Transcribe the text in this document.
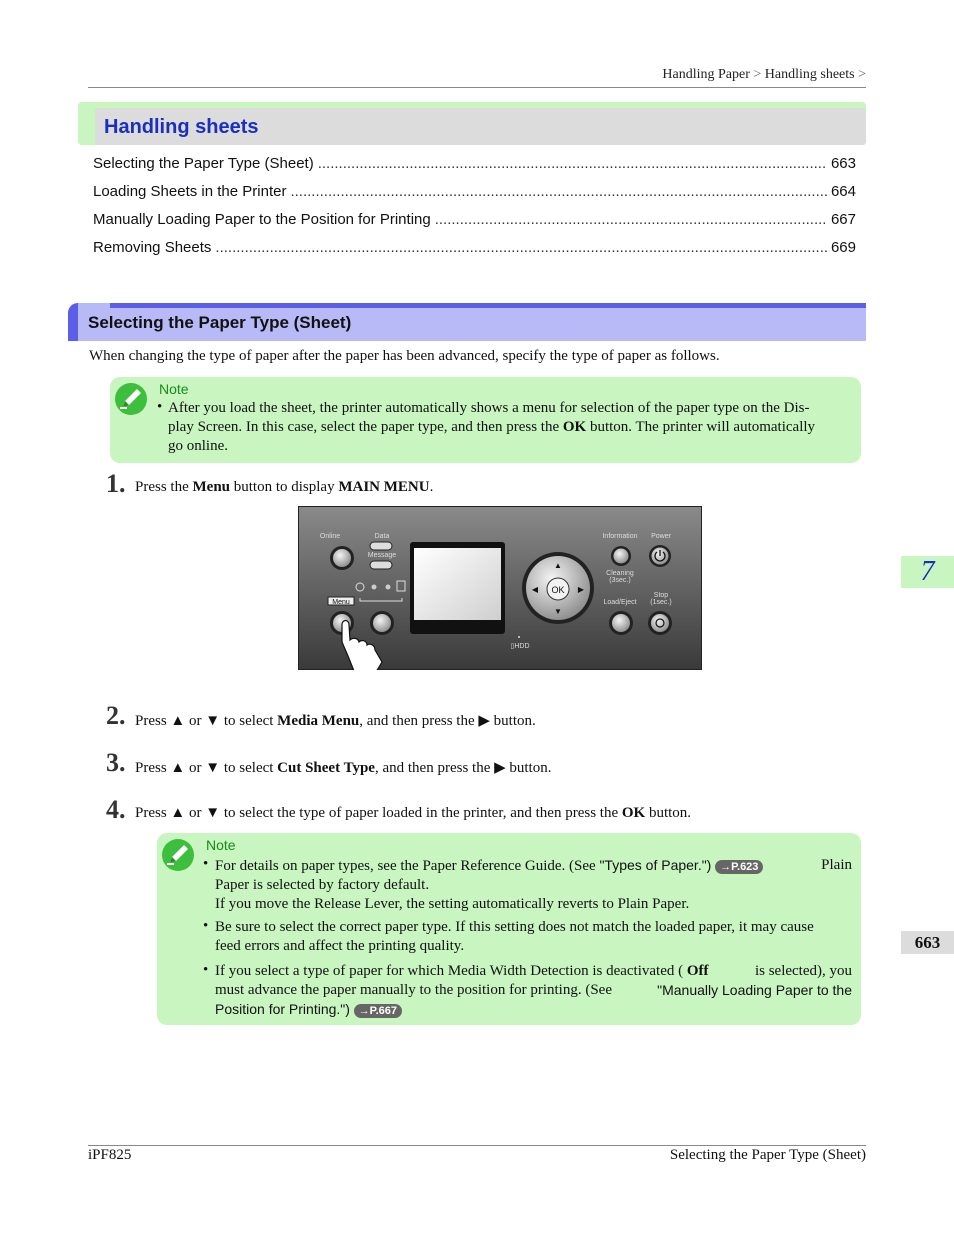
Handling Paper > Handling sheets >
Handling sheets
Selecting the Paper Type (Sheet) .....	663
Loading Sheets in the Printer .....	664
Manually Loading Paper to the Position for Printing .....	667
Removing Sheets .....	669
Selecting the Paper Type (Sheet)
When changing the type of paper after the paper has been advanced, specify the type of paper as follows.
Note
• After you load the sheet, the printer automatically shows a menu for selection of the paper type on the Dis-
play Screen. In this case, select the paper type, and then press the OK button. The printer will automatically
go online.
1. Press the Menu button to display MAIN MENU.
Online	Data
Message
Menu
▲
▼
◀	▶
OK
Information Power
Cleaning
(3sec.)
Load/Eject
Stop
(1sec.)
▯HDD
2. Press ▲ or ▼ to select Media Menu, and then press the ▶ button.
3. Press ▲ or ▼ to select Cut Sheet Type, and then press the ▶ button.
4. Press ▲ or ▼ to select the type of paper loaded in the printer, and then press the OK button.
Note
• For details on paper types, see the Paper Reference Guide. (See "Types of Paper.") →P.623	Plain
Paper is selected by factory default.
If you move the Release Lever, the setting automatically reverts to Plain Paper.
• Be sure to select the correct paper type. If this setting does not match the loaded paper, it may cause
feed errors and affect the printing quality.
• If you select a type of paper for which Media Width Detection is deactivated ( Off	is selected), you
must advance the paper manually to the position for printing. (See	"Manually Loading Paper to the
Position for Printing.") →P.667
7
663
iPF825	Selecting the Paper Type (Sheet)
